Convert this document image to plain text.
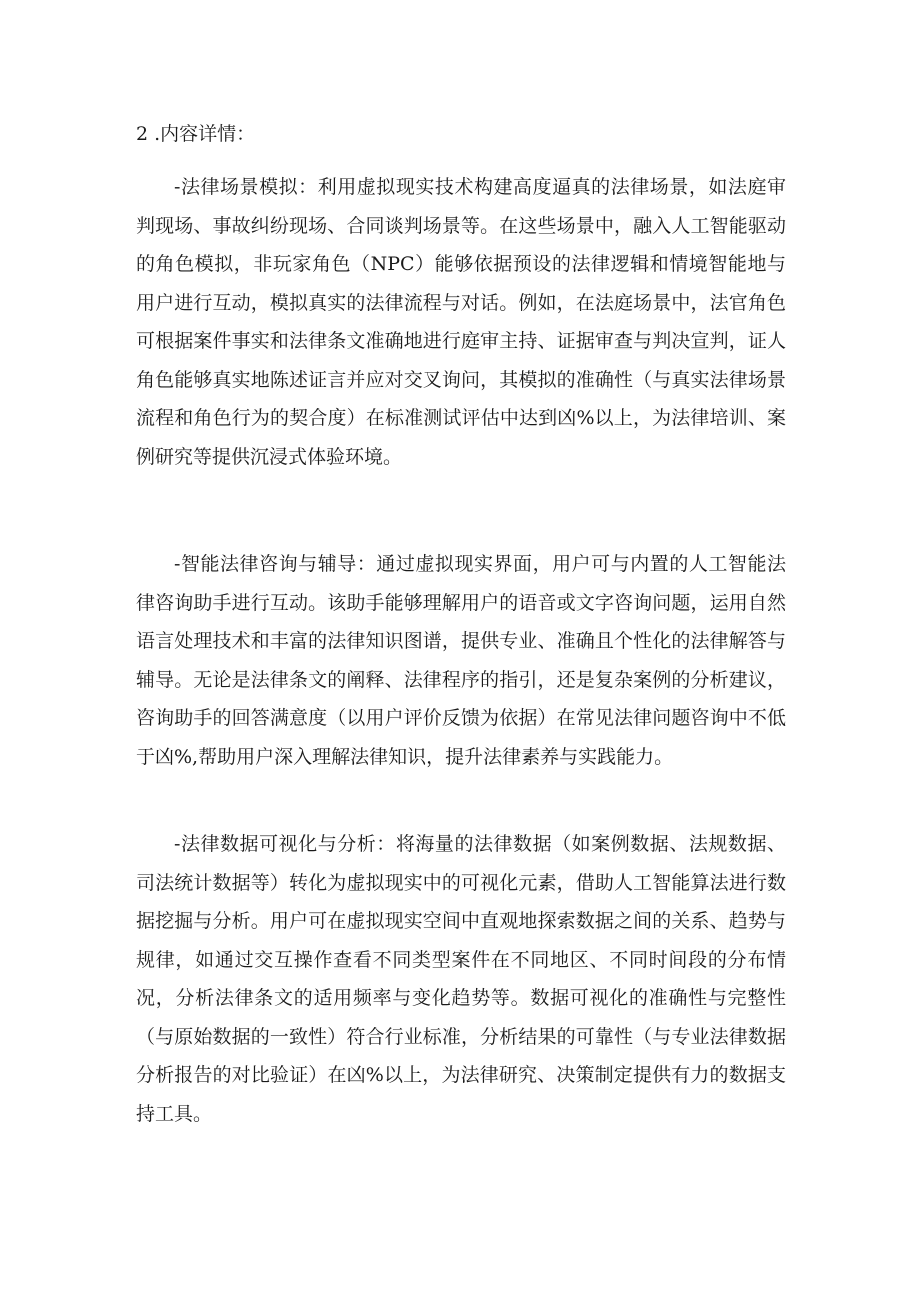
2 .内容详情：

-法律场景模拟：利用虚拟现实技术构建高度逼真的法律场景，如法庭审判现场、事故纠纷现场、合同谈判场景等。在这些场景中，融入人工智能驱动的角色模拟，非玩家角色（NPC）能够依据预设的法律逻辑和情境智能地与用户进行互动，模拟真实的法律流程与对话。例如，在法庭场景中，法官角色可根据案件事实和法律条文准确地进行庭审主持、证据审查与判决宣判，证人角色能够真实地陈述证言并应对交叉询问，其模拟的准确性（与真实法律场景流程和角色行为的契合度）在标准测试评估中达到凶%以上，为法律培训、案例研究等提供沉浸式体验环境。

-智能法律咨询与辅导：通过虚拟现实界面，用户可与内置的人工智能法律咨询助手进行互动。该助手能够理解用户的语音或文字咨询问题，运用自然语言处理技术和丰富的法律知识图谱，提供专业、准确且个性化的法律解答与辅导。无论是法律条文的阐释、法律程序的指引，还是复杂案例的分析建议，咨询助手的回答满意度（以用户评价反馈为依据）在常见法律问题咨询中不低于凶%,帮助用户深入理解法律知识，提升法律素养与实践能力。

-法律数据可视化与分析：将海量的法律数据（如案例数据、法规数据、司法统计数据等）转化为虚拟现实中的可视化元素，借助人工智能算法进行数据挖掘与分析。用户可在虚拟现实空间中直观地探索数据之间的关系、趋势与规律，如通过交互操作查看不同类型案件在不同地区、不同时间段的分布情况，分析法律条文的适用频率与变化趋势等。数据可视化的准确性与完整性（与原始数据的一致性）符合行业标准，分析结果的可靠性（与专业法律数据分析报告的对比验证）在凶%以上，为法律研究、决策制定提供有力的数据支持工具。
